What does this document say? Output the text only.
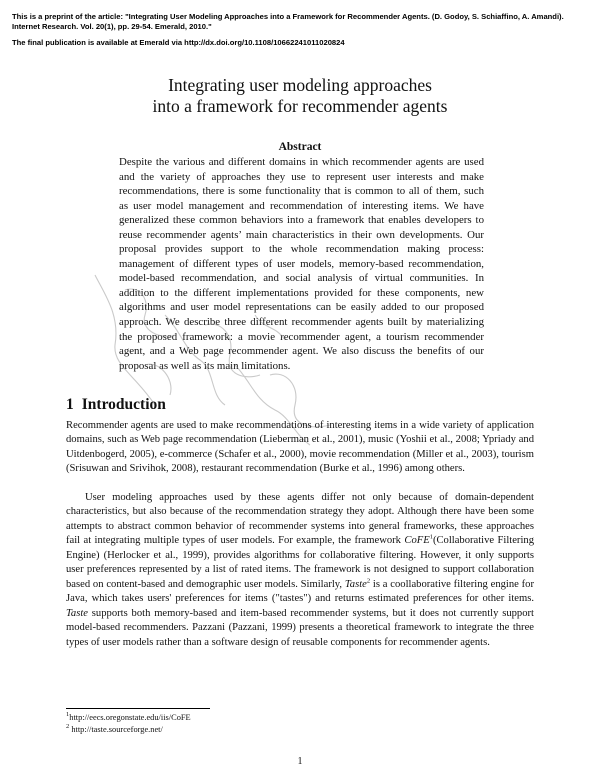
This is a preprint of the article: "Integrating User Modeling Approaches into a Framework for Recommender Agents. (D. Godoy, S. Schiaffino, A. Amandi). Internet Research. Vol. 20(1), pp. 29-54. Emerald, 2010."
The final publication is available at Emerald via http://dx.doi.org/10.1108/10662241011020824
Integrating user modeling approaches
into a framework for recommender agents
Abstract

Despite the various and different domains in which recommender agents are used and the variety of approaches they use to represent user interests and make recommendations, there is some functionality that is common to all of them, such as user model management and recommendation of interesting items. We have generalized these common behaviors into a framework that enables developers to reuse recommender agents’ main characteristics in their own developments. Our proposal provides support to the whole recommendation making process: management of different types of user models, memory-based recommendation, model-based recommendation, and social analysis of virtual communities. In addition to the different implementations provided for these components, new algorithms and user model representations can be easily added to our proposed approach. We describe three different recommender agents built by materializing the proposed framework: a movie recommender agent, a tourism recommender agent, and a Web page recommender agent. We also discuss the benefits of our proposal as well as its main limitations.

1 Introduction

Recommender agents are used to make recommendations of interesting items in a wide variety of application domains, such as Web page recommendation (Lieberman et al., 2001), music (Yoshii et al., 2008; Ypriady and Uitdenbogerd, 2005), e-commerce (Schafer et al., 2000), movie recommendation (Miller et al., 2003), tourism (Srisuwan and Srivihok, 2008), restaurant recommendation (Burke et al., 1996) among others.

User modeling approaches used by these agents differ not only because of domain-dependent characteristics, but also because of the recommendation strategy they adopt. Although there have been some attempts to abstract common behavior of recommender systems into general frameworks, these approaches fail at integrating multiple types of user models. For example, the framework CoFE$^1$(Collaborative Filtering Engine) (Herlocker et al., 1999), provides algorithms for collaborative filtering. However, it only supports user preferences represented by a list of rated items. The framework is not designed to support collaboration based on content-based and demographic user models. Similarly, Taste$^2$ is a coollaborative filtering engine for Java, which takes users' preferences for items ("tastes") and returns estimated preferences for other items. Taste supports both memory-based and item-based recommender systems, but it does not currently support model-based recommenders. Pazzani (Pazzani, 1999) presents a theoretical framework to integrate the three types of user models rather than a software design of reusable components for recommender agents.

$^1$http://eecs.oregonstate.edu/iis/CoFE
$^2$ http://taste.sourceforge.net/
1
